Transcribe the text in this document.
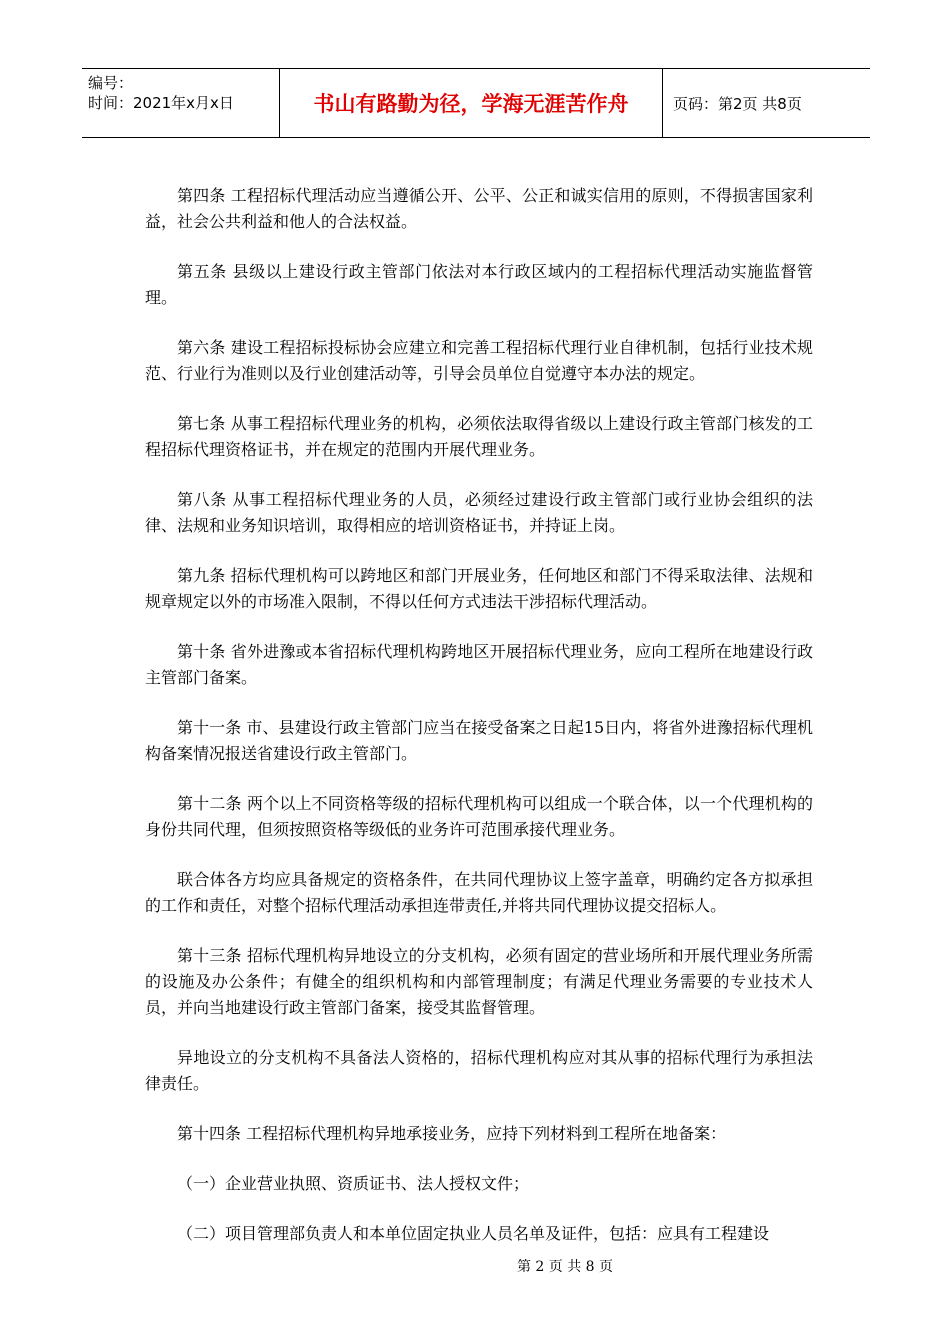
编号：
时间：2021年x月x日	书山有路勤为径，学海无涯苦作舟	页码：第2页 共8页

第四条 工程招标代理活动应当遵循公开、公平、公正和诚实信用的原则，不得损害国家利益，社会公共利益和他人的合法权益。

第五条 县级以上建设行政主管部门依法对本行政区域内的工程招标代理活动实施监督管理。

第六条 建设工程招标投标协会应建立和完善工程招标代理行业自律机制，包括行业技术规范、行业行为准则以及行业创建活动等，引导会员单位自觉遵守本办法的规定。

第七条 从事工程招标代理业务的机构，必须依法取得省级以上建设行政主管部门核发的工程招标代理资格证书，并在规定的范围内开展代理业务。

第八条 从事工程招标代理业务的人员，必须经过建设行政主管部门或行业协会组织的法律、法规和业务知识培训，取得相应的培训资格证书，并持证上岗。

第九条 招标代理机构可以跨地区和部门开展业务，任何地区和部门不得采取法律、法规和规章规定以外的市场准入限制，不得以任何方式违法干涉招标代理活动。

第十条 省外进豫或本省招标代理机构跨地区开展招标代理业务，应向工程所在地建设行政主管部门备案。

第十一条 市、县建设行政主管部门应当在接受备案之日起15日内，将省外进豫招标代理机构备案情况报送省建设行政主管部门。

第十二条 两个以上不同资格等级的招标代理机构可以组成一个联合体，以一个代理机构的身份共同代理，但须按照资格等级低的业务许可范围承接代理业务。

联合体各方均应具备规定的资格条件，在共同代理协议上签字盖章，明确约定各方拟承担的工作和责任，对整个招标代理活动承担连带责任,并将共同代理协议提交招标人。

第十三条 招标代理机构异地设立的分支机构，必须有固定的营业场所和开展代理业务所需的设施及办公条件；有健全的组织机构和内部管理制度；有满足代理业务需要的专业技术人员，并向当地建设行政主管部门备案，接受其监督管理。

异地设立的分支机构不具备法人资格的，招标代理机构应对其从事的招标代理行为承担法律责任。

第十四条 工程招标代理机构异地承接业务，应持下列材料到工程所在地备案：

（一）企业营业执照、资质证书、法人授权文件；

（二）项目管理部负责人和本单位固定执业人员名单及证件，包括：应具有工程建设

第 2 页 共 8 页
